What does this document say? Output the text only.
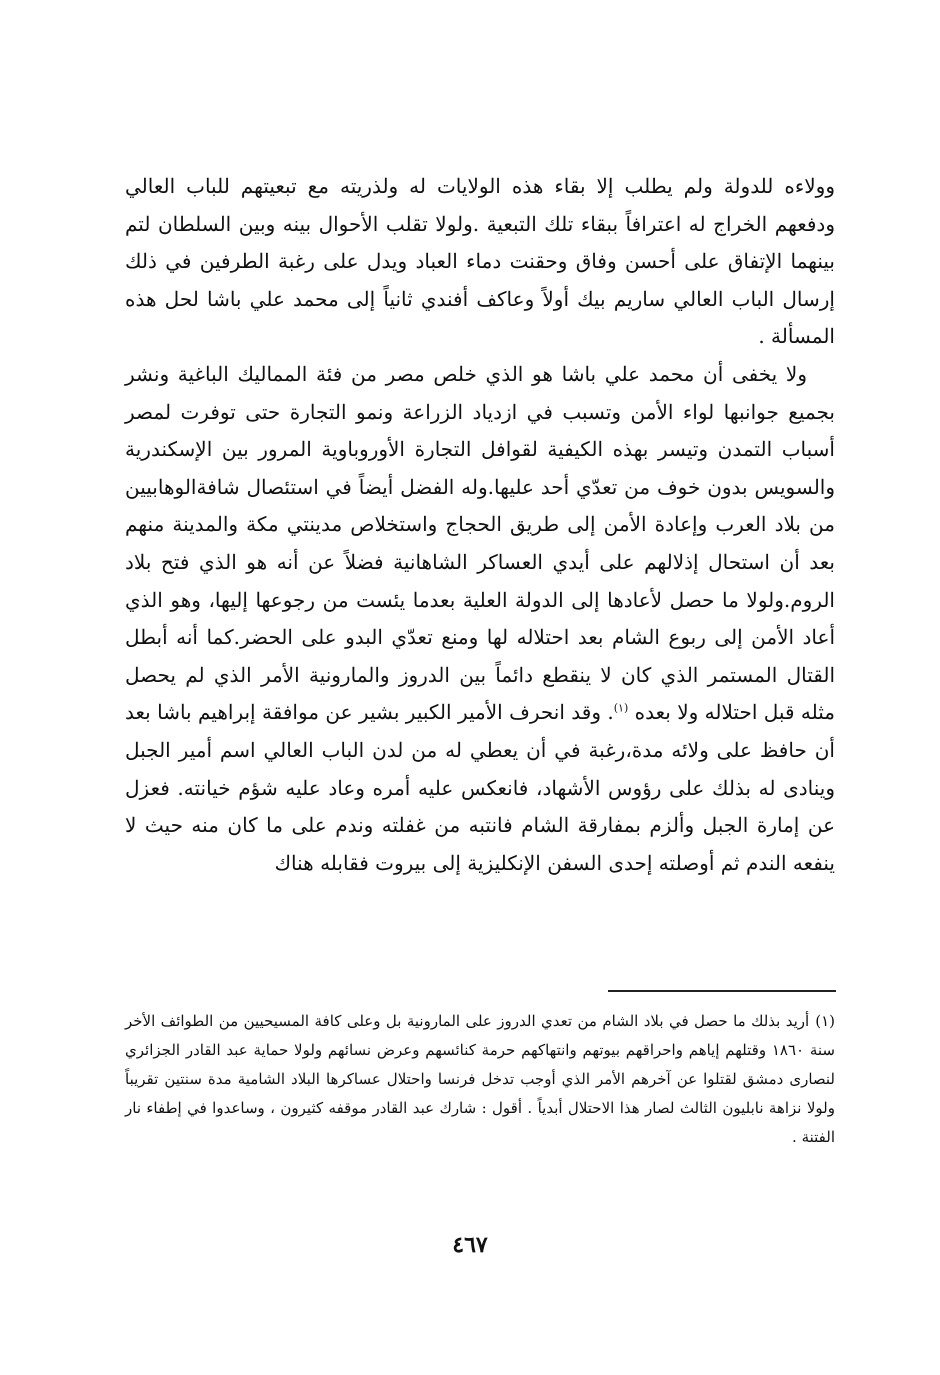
وولاءه للدولة ولم يطلب إلا بقاء هذه الولايات له ولذريته مع تبعيتهم للباب العالي ودفعهم الخراج له اعترافاً ببقاء تلك التبعية .ولولا تقلب الأحوال بينه وبين السلطان لتم بينهما الإتفاق على أحسن وفاق وحقنت دماء العباد ويدل على رغبة الطرفين في ذلك إرسال الباب العالي ساريم بيك أولاً وعاكف أفندي ثانياً إلى محمد علي باشا لحل هذه المسألة .

ولا يخفى أن محمد علي باشا هو الذي خلص مصر من فئة المماليك الباغية ونشر بجميع جوانبها لواء الأمن وتسبب في ازدياد الزراعة ونمو التجارة حتى توفرت لمصر أسباب التمدن وتيسر بهذه الكيفية لقوافل التجارة الأوروباوية المرور بين الإسكندرية والسويس بدون خوف من تعدّي أحد عليها.وله الفضل أيضاً في استئصال شافةالوهابيين من بلاد العرب وإعادة الأمن إلى طريق الحجاج واستخلاص مدينتي مكة والمدينة منهم بعد أن استحال إذلالهم على أيدي العساكر الشاهانية فضلاً عن أنه هو الذي فتح بلاد الروم.ولولا ما حصل لأعادها إلى الدولة العلية بعدما يئست من رجوعها إليها، وهو الذي أعاد الأمن إلى ربوع الشام بعد احتلاله لها ومنع تعدّي البدو على الحضر.كما أنه أبطل القتال المستمر الذي كان لا ينقطع دائماً بين الدروز والمارونية الأمر الذي لم يحصل مثله قبل احتلاله ولا بعده $^{(١)}$. وقد انحرف الأمير الكبير بشير عن موافقة إبراهيم باشا بعد أن حافظ على ولائه مدة،رغبة في أن يعطي له من لدن الباب العالي اسم أمير الجبل وينادى له بذلك على رؤوس الأشهاد، فانعكس عليه أمره وعاد عليه شؤم خيانته. فعزل عن إمارة الجبل وألزم بمفارقة الشام فانتبه من غفلته وندم على ما كان منه حيث لا ينفعه الندم ثم أوصلته إحدى السفن الإنكليزية إلى بيروت فقابله هناك

(١)أريد بذلك ما حصل في بلاد الشام من تعدي الدروز على المارونية بل وعلى كافة المسيحيين من الطوائف الأخر سنة ١٨٦٠ وقتلهم إياهم واحراقهم بيوتهم وانتهاكهم حرمة كنائسهم وعرض نسائهم ولولا حماية عبد القادر الجزائري لنصارى دمشق لقتلوا عن آخرهم الأمر الذي أوجب تدخل فرنسا واحتلال عساكرها البلاد الشامية مدة سنتين تقريباً ولولا نزاهة نابليون الثالث لصار هذا الاحتلال أبدياً . أقول : شارك عبد القادر موقفه كثيرون ، وساعدوا في إطفاء نار الفتنة .

٤٦٧
